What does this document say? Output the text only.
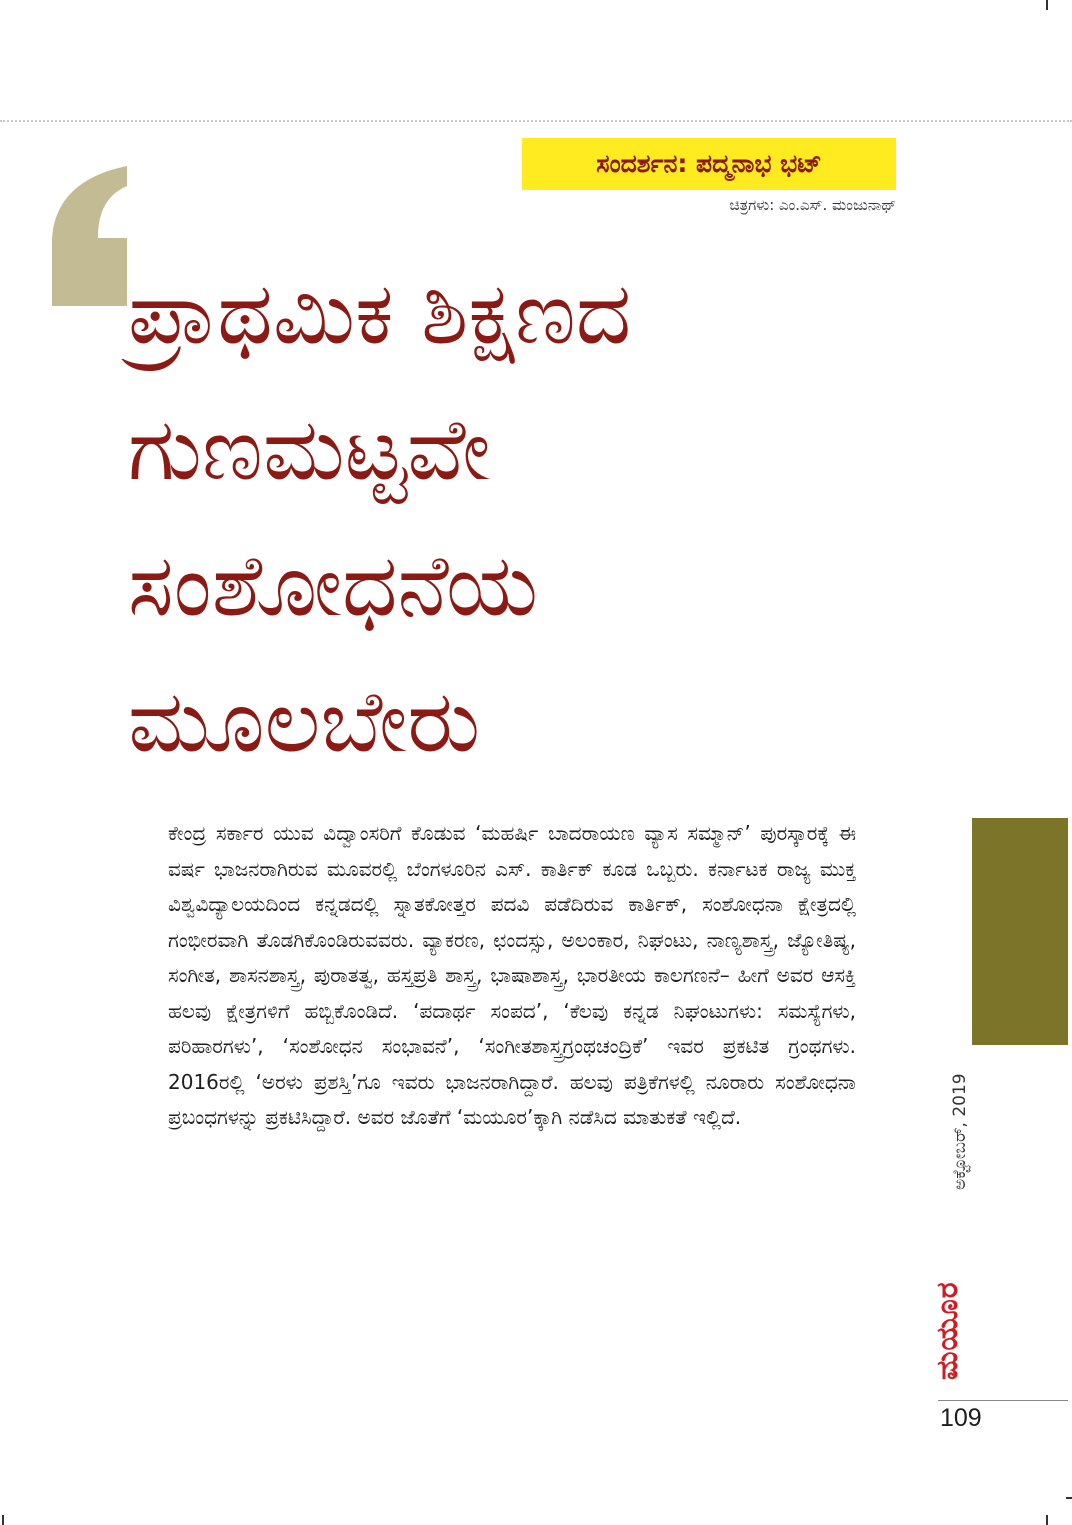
ಸಂದರ್ಶನ: ಪದ್ಮನಾಭ ಭಟ್
ಚಿತ್ರಗಳು: ಎಂ.ಎಸ್. ಮಂಜುನಾಥ್
ಪ್ರಾಥಮಿಕ ಶಿಕ್ಷಣದ
ಗುಣಮಟ್ಟವೇ
ಸಂಶೋಧನೆಯ
ಮೂಲಬೇರು

ಕೇಂದ್ರ ಸರ್ಕಾರ ಯುವ ವಿದ್ವಾಂಸರಿಗೆ ಕೊಡುವ ‘ಮಹರ್ಷಿ ಬಾದರಾಯಣ ವ್ಯಾಸ ಸಮ್ಮಾನ್’ ಪುರಸ್ಕಾರಕ್ಕೆ ಈ ವರ್ಷ ಭಾಜನರಾಗಿರುವ ಮೂವರಲ್ಲಿ ಬೆಂಗಳೂರಿನ ಎಸ್. ಕಾರ್ತಿಕ್ ಕೂಡ ಒಬ್ಬರು. ಕರ್ನಾಟಕ ರಾಜ್ಯ ಮುಕ್ತ ವಿಶ್ವವಿದ್ಯಾಲಯದಿಂದ ಕನ್ನಡದಲ್ಲಿ ಸ್ನಾತಕೋತ್ತರ ಪದವಿ ಪಡೆದಿರುವ ಕಾರ್ತಿಕ್, ಸಂಶೋಧನಾ ಕ್ಷೇತ್ರದಲ್ಲಿ ಗಂಭೀರವಾಗಿ ತೊಡಗಿಕೊಂಡಿರುವವರು. ವ್ಯಾಕರಣ, ಛಂದಸ್ಸು, ಅಲಂಕಾರ, ನಿಘಂಟು, ನಾಣ್ಯಶಾಸ್ತ್ರ, ಜ್ಯೋತಿಷ್ಯ, ಸಂಗೀತ, ಶಾಸನಶಾಸ್ತ್ರ, ಪುರಾತತ್ವ, ಹಸ್ತಪ್ರತಿ ಶಾಸ್ತ್ರ, ಭಾಷಾಶಾಸ್ತ್ರ, ಭಾರತೀಯ ಕಾಲಗಣನೆ– ಹೀಗೆ ಅವರ ಆಸಕ್ತಿ ಹಲವು ಕ್ಷೇತ್ರಗಳಿಗೆ ಹಬ್ಬಿಕೊಂಡಿದೆ. ‘ಪದಾರ್ಥ ಸಂಪದ’, ‘ಕೆಲವು ಕನ್ನಡ ನಿಘಂಟುಗಳು: ಸಮಸ್ಯೆಗಳು, ಪರಿಹಾರಗಳು’, ‘ಸಂಶೋಧನ ಸಂಭಾವನೆ’, ‘ಸಂಗೀತಶಾಸ್ತ್ರಗ್ರಂಥಚಂದ್ರಿಕೆ’ ಇವರ ಪ್ರಕಟಿತ ಗ್ರಂಥಗಳು. 2016ರಲ್ಲಿ ‘ಅರಳು ಪ್ರಶಸ್ತಿ’ಗೂ ಇವರು ಭಾಜನರಾಗಿದ್ದಾರೆ. ಹಲವು ಪತ್ರಿಕೆಗಳಲ್ಲಿ ನೂರಾರು ಸಂಶೋಧನಾ ಪ್ರಬಂಧಗಳನ್ನು ಪ್ರಕಟಿಸಿದ್ದಾರೆ. ಅವರ ಜೊತೆಗೆ ‘ಮಯೂರ’ಕ್ಕಾಗಿ ನಡೆಸಿದ ಮಾತುಕತೆ ಇಲ್ಲಿದೆ.	ಅಕ್ಟೋಬರ್, 2019
ಮಯೂರ
109
